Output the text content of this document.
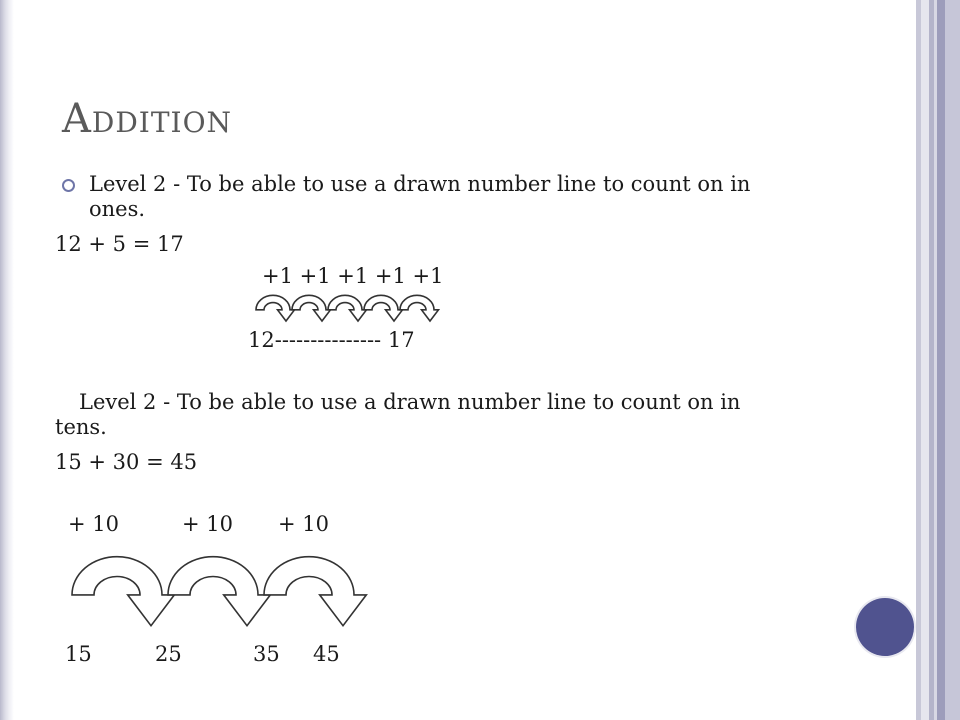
Addition
Level 2 - To be able to use a drawn number line to count on in
ones.
12 + 5 = 17
+1 +1 +1 +1 +1
12--------------- 17
Level 2 - To be able to use a drawn number line to count on in
tens.
15 + 30 = 45
+ 10	+ 10 + 10
15	25	35 45
